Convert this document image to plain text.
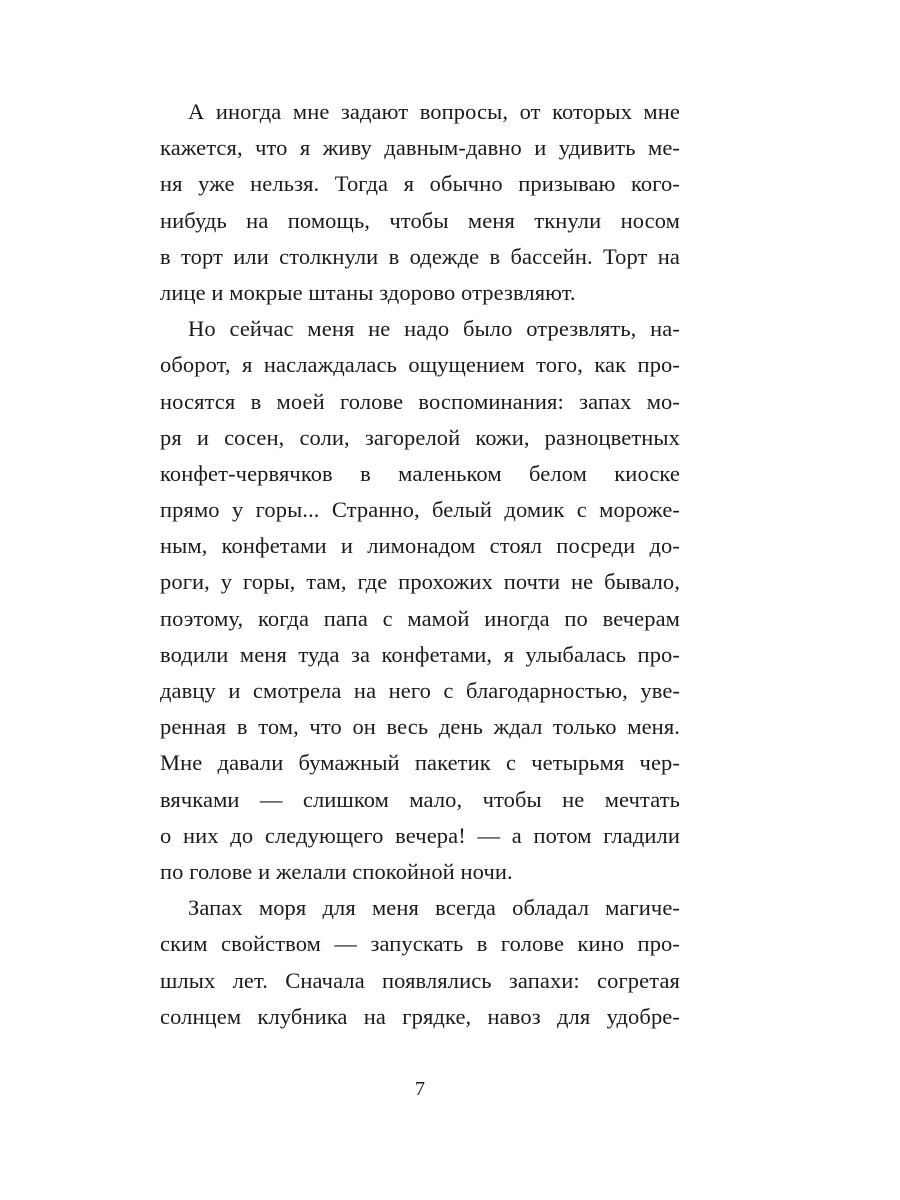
А иногда мне задают вопросы, от которых мне
кажется, что я живу давным-давно и удивить ме-
ня уже нельзя. Тогда я обычно призываю кого-
нибудь на помощь, чтобы меня ткнули носом
в торт или столкнули в одежде в бассейн. Торт на
лице и мокрые штаны здорово отрезвляют.
Но сейчас меня не надо было отрезвлять, на-
оборот, я наслаждалась ощущением того, как про-
носятся в моей голове воспоминания: запах мо-
ря и сосен, соли, загорелой кожи, разноцветных
конфет-червячков в маленьком белом киоске
прямо у горы... Странно, белый домик с мороже-
ным, конфетами и лимонадом стоял посреди до-
роги, у горы, там, где прохожих почти не бывало,
поэтому, когда папа с мамой иногда по вечерам
водили меня туда за конфетами, я улыбалась про-
давцу и смотрела на него с благодарностью, уве-
ренная в том, что он весь день ждал только меня.
Мне давали бумажный пакетик с четырьмя чер-
вячками — слишком мало, чтобы не мечтать
о них до следующего вечера! — а потом гладили
по голове и желали спокойной ночи.
Запах моря для меня всегда обладал магиче-
ским свойством — запускать в голове кино про-
шлых лет. Сначала появлялись запахи: согретая
солнцем клубника на грядке, навоз для удобре-
7
